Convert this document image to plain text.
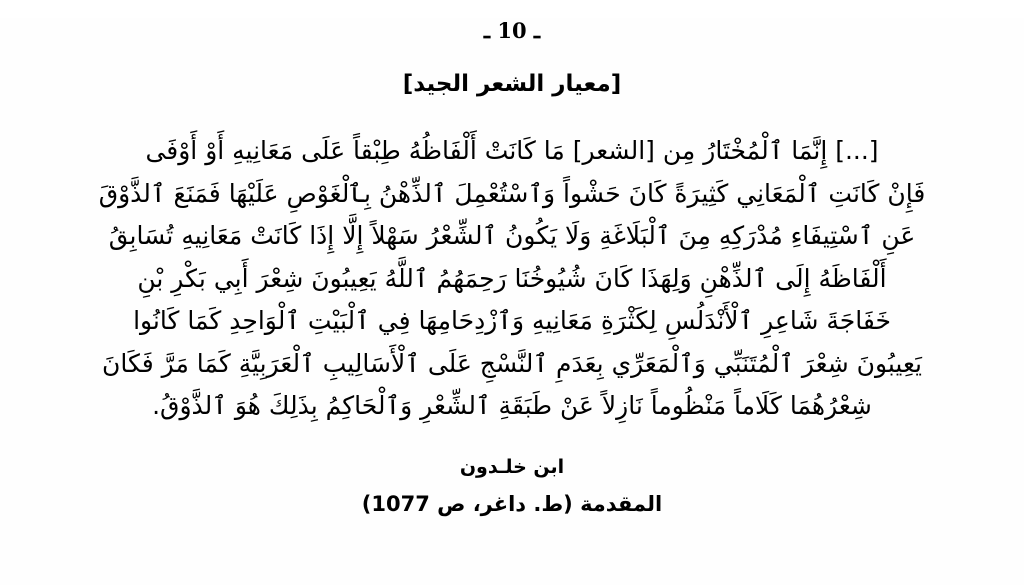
ـ 10 ـ
[معيار الشعر الجيد]

[...] إِنَّمَا ٱلْمُخْتَارُ مِن [الشعر] مَا كَانَتْ أَلْفَاظُهُ طِبْقاً عَلَى مَعَانِيهِ أَوْ أَوْفَى

فَإِنْ كَانَتِ ٱلْمَعَانِي كَثِيرَةً كَانَ حَشْواً وَٱسْتُعْمِلَ ٱلذِّهْنُ بِٱلْغَوْصِ عَلَيْهَا فَمَنَعَ ٱلذَّوْقَ

عَنِ ٱسْتِيفَاءِ مُدْرَكِهِ مِنَ ٱلْبَلَاغَةِ وَلَا يَكُونُ ٱلشِّعْرُ سَهْلاً إِلَّا إِذَا كَانَتْ مَعَانِيهِ تُسَابِقُ

أَلْفَاظَهُ إِلَى ٱلذِّهْنِ وَلِهَذَا كَانَ شُيُوخُنَا رَحِمَهُمُ ٱللَّهُ يَعِيبُونَ شِعْرَ أَبِي بَكْرِ بْنِ

خَفَاجَةَ شَاعِرِ ٱلْأَنْدَلُسِ لِكَثْرَةِ مَعَانِيهِ وَٱزْدِحَامِهَا فِي ٱلْبَيْتِ ٱلْوَاحِدِ كَمَا كَانُوا

يَعِيبُونَ شِعْرَ ٱلْمُتَنَبِّي وَٱلْمَعَرِّي بِعَدَمِ ٱلنَّسْجِ عَلَى ٱلْأَسَالِيبِ ٱلْعَرَبِيَّةِ كَمَا مَرَّ فَكَانَ

شِعْرُهُمَا كَلَاماً مَنْظُوماً نَازِلاً عَنْ طَبَقَةِ ٱلشِّعْرِ وَٱلْحَاكِمُ بِذَلِكَ هُوَ ٱلذَّوْقُ.

ابن خلـدون
المقدمة (ط. داغر، ص 1077)
